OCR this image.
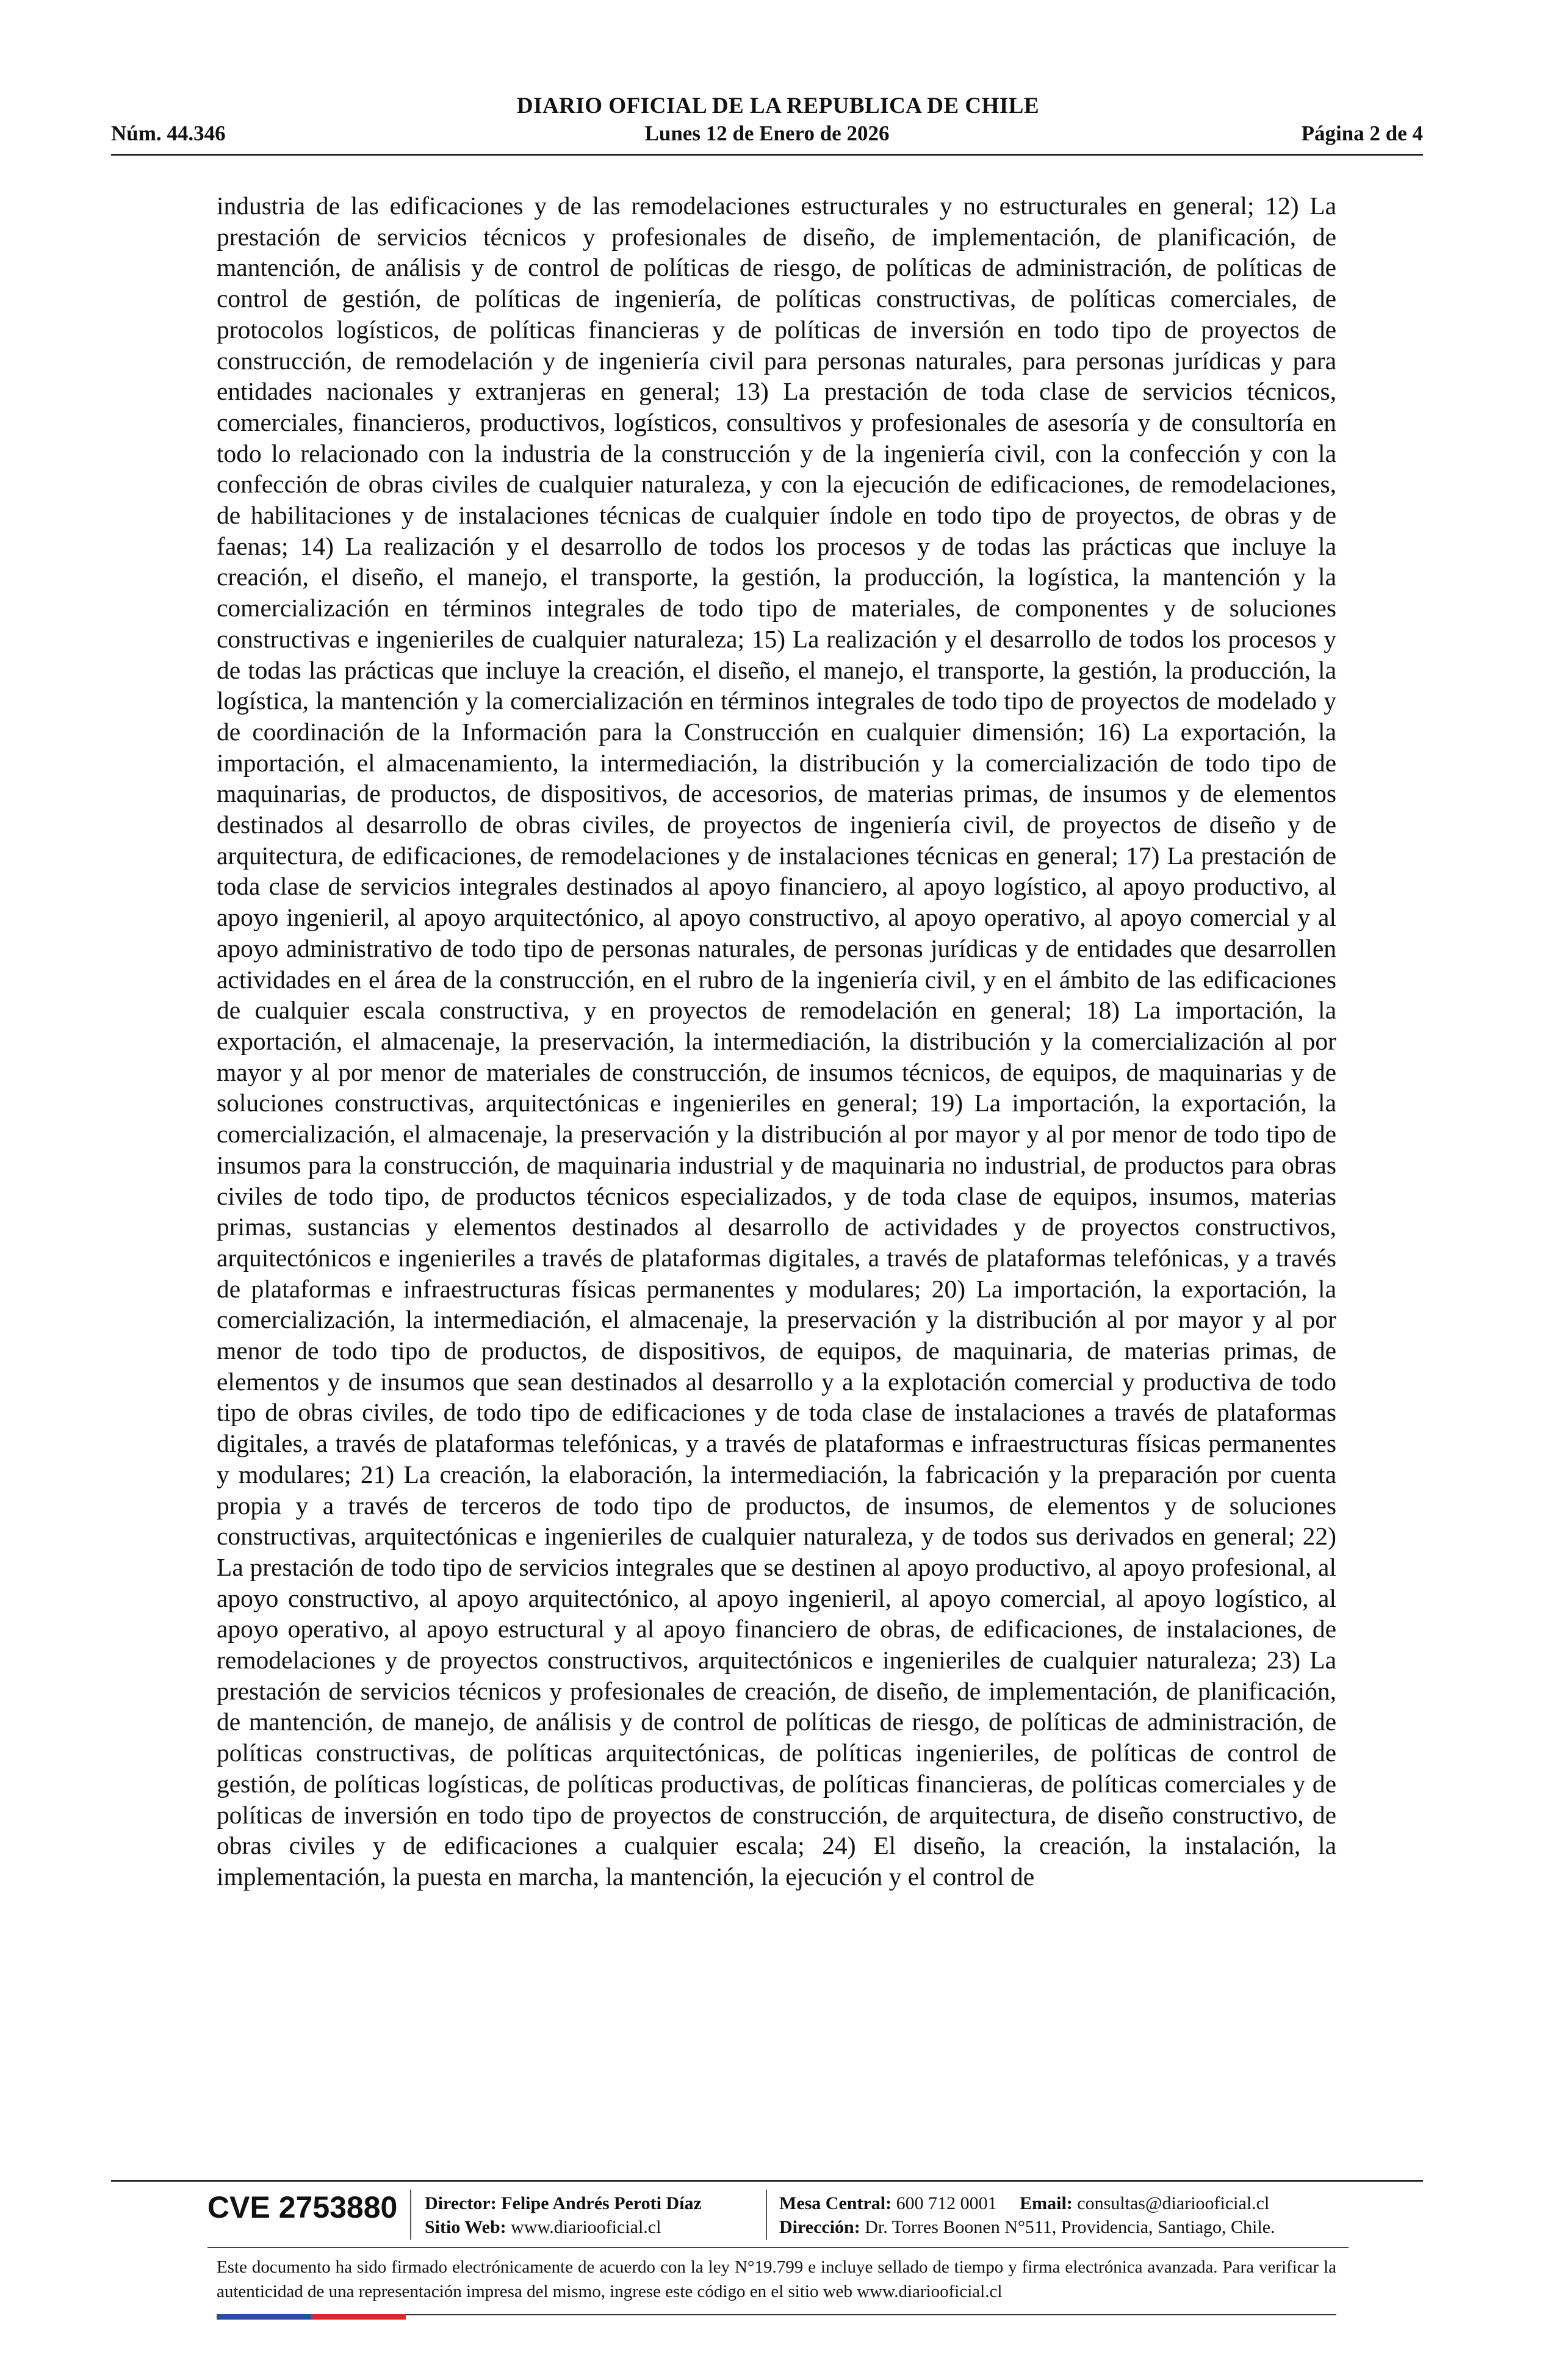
DIARIO OFICIAL DE LA REPUBLICA DE CHILE
Núm. 44.346	Lunes 12 de Enero de 2026	Página 2 de 4
industria de las edificaciones y de las remodelaciones estructurales y no estructurales en general; 12) La prestación de servicios técnicos y profesionales de diseño, de implementación, de planificación, de mantención, de análisis y de control de políticas de riesgo, de políticas de administración, de políticas de control de gestión, de políticas de ingeniería, de políticas constructivas, de políticas comerciales, de protocolos logísticos, de políticas financieras y de políticas de inversión en todo tipo de proyectos de construcción, de remodelación y de ingeniería civil para personas naturales, para personas jurídicas y para entidades nacionales y extranjeras en general; 13) La prestación de toda clase de servicios técnicos, comerciales, financieros, productivos, logísticos, consultivos y profesionales de asesoría y de consultoría en todo lo relacionado con la industria de la construcción y de la ingeniería civil, con la confección y con la confección de obras civiles de cualquier naturaleza, y con la ejecución de edificaciones, de remodelaciones, de habilitaciones y de instalaciones técnicas de cualquier índole en todo tipo de proyectos, de obras y de faenas; 14) La realización y el desarrollo de todos los procesos y de todas las prácticas que incluye la creación, el diseño, el manejo, el transporte, la gestión, la producción, la logística, la mantención y la comercialización en términos integrales de todo tipo de materiales, de componentes y de soluciones constructivas e ingenieriles de cualquier naturaleza; 15) La realización y el desarrollo de todos los procesos y de todas las prácticas que incluye la creación, el diseño, el manejo, el transporte, la gestión, la producción, la logística, la mantención y la comercialización en términos integrales de todo tipo de proyectos de modelado y de coordinación de la Información para la Construcción en cualquier dimensión; 16) La exportación, la importación, el almacenamiento, la intermediación, la distribución y la comercialización de todo tipo de maquinarias, de productos, de dispositivos, de accesorios, de materias primas, de insumos y de elementos destinados al desarrollo de obras civiles, de proyectos de ingeniería civil, de proyectos de diseño y de arquitectura, de edificaciones, de remodelaciones y de instalaciones técnicas en general; 17) La prestación de toda clase de servicios integrales destinados al apoyo financiero, al apoyo logístico, al apoyo productivo, al apoyo ingenieril, al apoyo arquitectónico, al apoyo constructivo, al apoyo operativo, al apoyo comercial y al apoyo administrativo de todo tipo de personas naturales, de personas jurídicas y de entidades que desarrollen actividades en el área de la construcción, en el rubro de la ingeniería civil, y en el ámbito de las edificaciones de cualquier escala constructiva, y en proyectos de remodelación en general; 18) La importación, la exportación, el almacenaje, la preservación, la intermediación, la distribución y la comercialización al por mayor y al por menor de materiales de construcción, de insumos técnicos, de equipos, de maquinarias y de soluciones constructivas, arquitectónicas e ingenieriles en general; 19) La importación, la exportación, la comercialización, el almacenaje, la preservación y la distribución al por mayor y al por menor de todo tipo de insumos para la construcción, de maquinaria industrial y de maquinaria no industrial, de productos para obras civiles de todo tipo, de productos técnicos especializados, y de toda clase de equipos, insumos, materias primas, sustancias y elementos destinados al desarrollo de actividades y de proyectos constructivos, arquitectónicos e ingenieriles a través de plataformas digitales, a través de plataformas telefónicas, y a través de plataformas e infraestructuras físicas permanentes y modulares; 20) La importación, la exportación, la comercialización, la intermediación, el almacenaje, la preservación y la distribución al por mayor y al por menor de todo tipo de productos, de dispositivos, de equipos, de maquinaria, de materias primas, de elementos y de insumos que sean destinados al desarrollo y a la explotación comercial y productiva de todo tipo de obras civiles, de todo tipo de edificaciones y de toda clase de instalaciones a través de plataformas digitales, a través de plataformas telefónicas, y a través de plataformas e infraestructuras físicas permanentes y modulares; 21) La creación, la elaboración, la intermediación, la fabricación y la preparación por cuenta propia y a través de terceros de todo tipo de productos, de insumos, de elementos y de soluciones constructivas, arquitectónicas e ingenieriles de cualquier naturaleza, y de todos sus derivados en general; 22) La prestación de todo tipo de servicios integrales que se destinen al apoyo productivo, al apoyo profesional, al apoyo constructivo, al apoyo arquitectónico, al apoyo ingenieril, al apoyo comercial, al apoyo logístico, al apoyo operativo, al apoyo estructural y al apoyo financiero de obras, de edificaciones, de instalaciones, de remodelaciones y de proyectos constructivos, arquitectónicos e ingenieriles de cualquier naturaleza; 23) La prestación de servicios técnicos y profesionales de creación, de diseño, de implementación, de planificación, de mantención, de manejo, de análisis y de control de políticas de riesgo, de políticas de administración, de políticas constructivas, de políticas arquitectónicas, de políticas ingenieriles, de políticas de control de gestión, de políticas logísticas, de políticas productivas, de políticas financieras, de políticas comerciales y de políticas de inversión en todo tipo de proyectos de construcción, de arquitectura, de diseño constructivo, de obras civiles y de edificaciones a cualquier escala; 24) El diseño, la creación, la instalación, la implementación, la puesta en marcha, la mantención, la ejecución y el control de
CVE 2753880 Director: Felipe Andrés Peroti Díaz
Sitio Web: www.diariooficial.cl
Mesa Central: 600 712 0001 Email: consultas@diariooficial.cl
Dirección: Dr. Torres Boonen N°511, Providencia, Santiago, Chile.
Este documento ha sido firmado electrónicamente de acuerdo con la ley N°19.799 e incluye sellado de tiempo y firma electrónica avanzada. Para verificar la autenticidad de una representación impresa del mismo, ingrese este código en el sitio web www.diariooficial.cl
